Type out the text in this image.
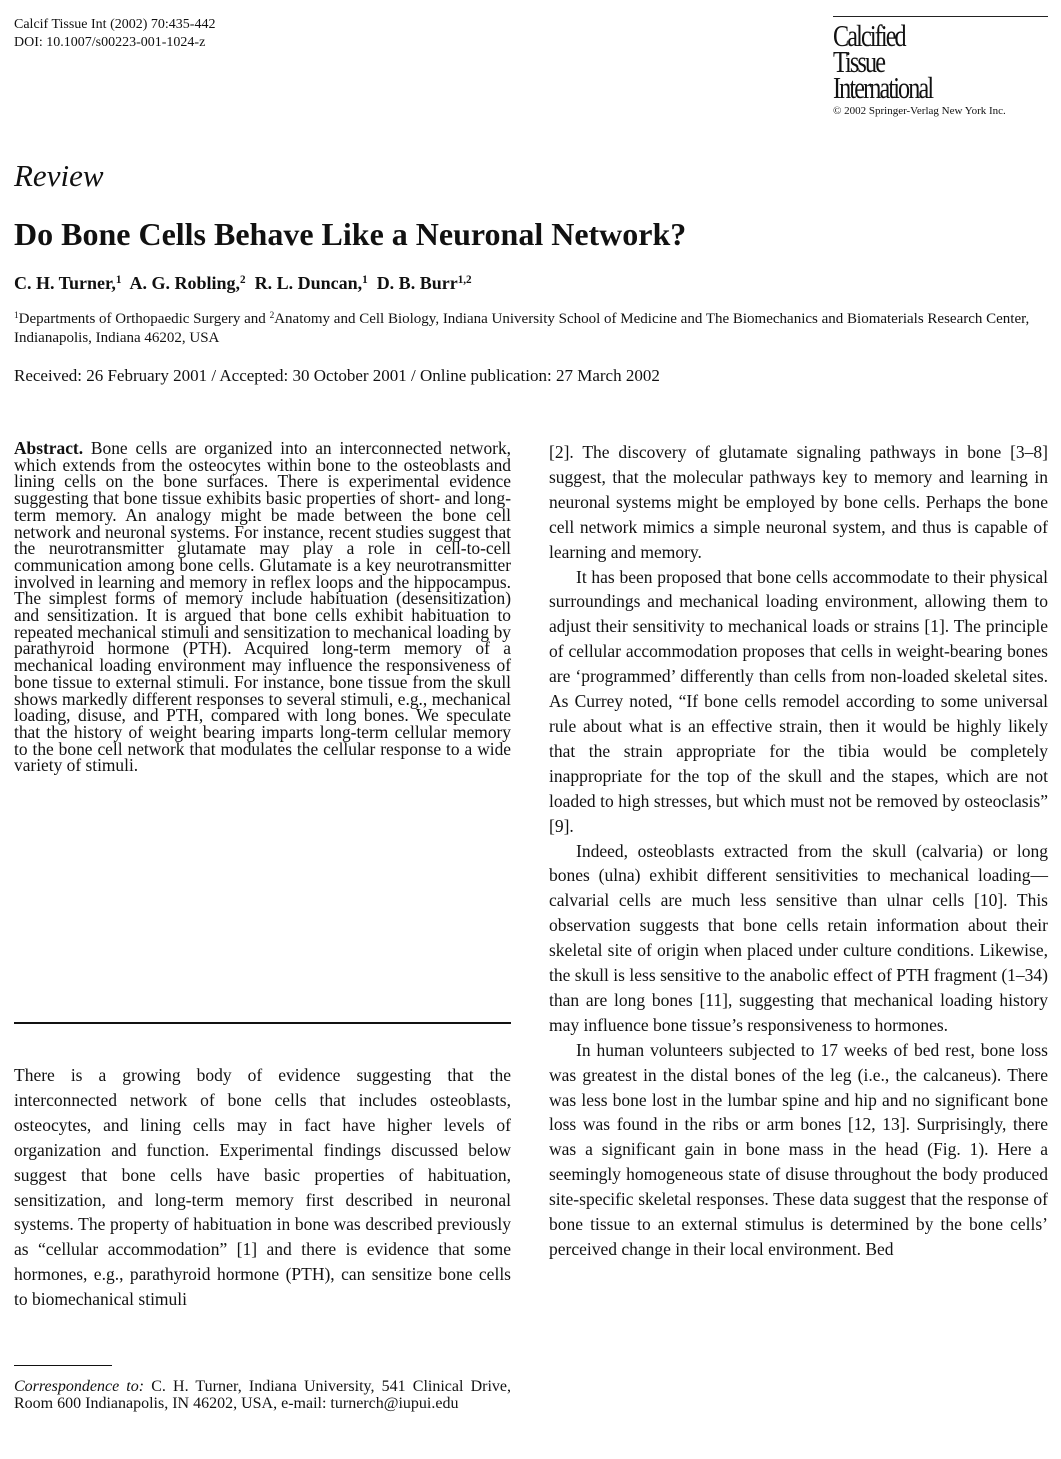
Calcif Tissue Int (2002) 70:435-442
DOI: 10.1007/s00223-001-1024-z	Calcified
Tissue
International
© 2002 Springer-Verlag New York Inc.
Review
Do Bone Cells Behave Like a Neuronal Network?
C. H. Turner,$^1$ A. G. Robling,$^2$ R. L. Duncan,$^1$ D. B. Burr$^{1,2}$
$^1$Departments of Orthopaedic Surgery and $^2$Anatomy and Cell Biology, Indiana University School of Medicine and The Biomechanics and Biomaterials Research Center, Indianapolis, Indiana 46202, USA
Received: 26 February 2001 / Accepted: 30 October 2001 / Online publication: 27 March 2002
Abstract. Bone cells are organized into an interconnected network, which extends from the osteocytes within bone to the osteoblasts and lining cells on the bone surfaces. There is experimental evidence suggesting that bone tissue exhibits basic properties of short- and long-term memory. An analogy might be made between the bone cell network and neuronal systems. For instance, recent studies suggest that the neurotransmitter glutamate may play a role in cell-to-cell communication among bone cells. Glutamate is a key neurotransmitter involved in learning and memory in reflex loops and the hippocampus. The simplest forms of memory include habituation (desensitization) and sensitization. It is argued that bone cells exhibit habituation to repeated mechanical stimuli and sensitization to mechanical loading by parathyroid hormone (PTH). Acquired long-term memory of a mechanical loading environment may influence the responsiveness of bone tissue to external stimuli. For instance, bone tissue from the skull shows markedly different responses to several stimuli, e.g., mechanical loading, disuse, and PTH, compared with long bones. We speculate that the history of weight bearing imparts long-term cellular memory to the bone cell network that modulates the cellular response to a wide variety of stimuli.

There is a growing body of evidence suggesting that the interconnected network of bone cells that includes osteoblasts, osteocytes, and lining cells may in fact have higher levels of organization and function. Experimental findings discussed below suggest that bone cells have basic properties of habituation, sensitization, and long-term memory first described in neuronal systems. The property of habituation in bone was described previously as “cellular accommodation” [1] and there is evidence that some hormones, e.g., parathyroid hormone (PTH), can sensitize bone cells to biomechanical stimuli

Correspondence to: C. H. Turner, Indiana University, 541 Clinical Drive, Room 600 Indianapolis, IN 46202, USA, e-mail: turnerch@iupui.edu

[2]. The discovery of glutamate signaling pathways in bone [3–8] suggest, that the molecular pathways key to memory and learning in neuronal systems might be employed by bone cells. Perhaps the bone cell network mimics a simple neuronal system, and thus is capable of learning and memory.

It has been proposed that bone cells accommodate to their physical surroundings and mechanical loading environment, allowing them to adjust their sensitivity to mechanical loads or strains [1]. The principle of cellular accommodation proposes that cells in weight-bearing bones are ‘programmed’ differently than cells from non-loaded skeletal sites. As Currey noted, “If bone cells remodel according to some universal rule about what is an effective strain, then it would be highly likely that the strain appropriate for the tibia would be completely inappropriate for the top of the skull and the stapes, which are not loaded to high stresses, but which must not be removed by osteoclasis” [9].

Indeed, osteoblasts extracted from the skull (calvaria) or long bones (ulna) exhibit different sensitivities to mechanical loading—calvarial cells are much less sensitive than ulnar cells [10]. This observation suggests that bone cells retain information about their skeletal site of origin when placed under culture conditions. Likewise, the skull is less sensitive to the anabolic effect of PTH fragment (1–34) than are long bones [11], suggesting that mechanical loading history may influence bone tissue’s responsiveness to hormones.

In human volunteers subjected to 17 weeks of bed rest, bone loss was greatest in the distal bones of the leg (i.e., the calcaneus). There was less bone lost in the lumbar spine and hip and no significant bone loss was found in the ribs or arm bones [12, 13]. Surprisingly, there was a significant gain in bone mass in the head (Fig. 1). Here a seemingly homogeneous state of disuse throughout the body produced site-specific skeletal responses. These data suggest that the response of bone tissue to an external stimulus is determined by the bone cells’ perceived change in their local environment. Bed
